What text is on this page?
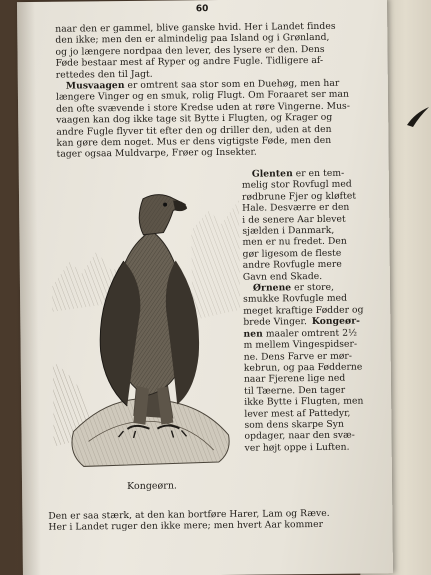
60
naar den er gammel, blive ganske hvid. Her i Landet findes
den ikke; men den er almindelig paa Island og i Grønland,
og jo længere nordpaa den lever, des lysere er den. Dens
Føde bestaar mest af Ryper og andre Fugle. Tidligere af-
rettedes den til Jagt.
Musvaagen er omtrent saa stor som en Duehøg, men har
længere Vinger og en smuk, rolig Flugt. Om Foraaret ser man
den ofte svævende i store Kredse uden at røre Vingerne. Mus-
vaagen kan dog ikke tage sit Bytte i Flugten, og Krager og
andre Fugle flyver tit efter den og driller den, uden at den
kan gøre dem noget. Mus er dens vigtigste Føde, men den
tager ogsaa Muldvarpe, Frøer og Insekter.
Kongeørn.
Glenten er en tem-
melig stor Rovfugl med
rødbrune Fjer og kløftet
Hale. Desværre er den
i de senere Aar blevet
sjælden i Danmark,
men er nu fredet. Den
gør ligesom de fleste
andre Rovfugle mere
Gavn end Skade.
Ørnene er store,
smukke Rovfugle med
meget kraftige Fødder og
brede Vinger. Kongeør-
nen maaler omtrent 2½
m mellem Vingespidser-
ne. Dens Farve er mør-
kebrun, og paa Fødderne
naar Fjerene lige ned
til Tæerne. Den tager
ikke Bytte i Flugten, men
lever mest af Pattedyr,
som dens skarpe Syn
opdager, naar den svæ-
ver højt oppe i Luften.
Den er saa stærk, at den kan bortføre Harer, Lam og Ræve.
Her i Landet ruger den ikke mere; men hvert Aar kommer
